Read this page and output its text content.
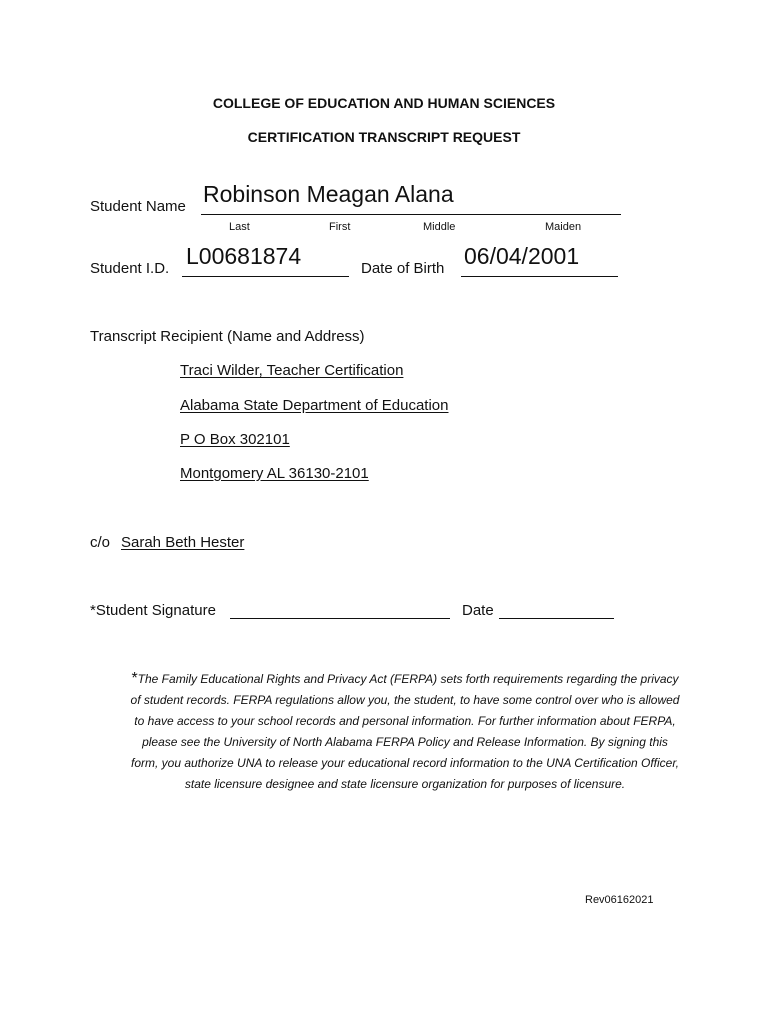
COLLEGE OF EDUCATION AND HUMAN SCIENCES
CERTIFICATION TRANSCRIPT REQUEST
Student Name Robinson Meagan Alana
Last	First	Middle	Maiden
Student I.D. L00681874	Date of Birth 06/04/2001
Transcript Recipient (Name and Address)
Traci Wilder, Teacher Certification
Alabama State Department of Education
P O Box 302101
Montgomery AL 36130-2101
c/o Sarah Beth Hester
*Student Signature	Date
*The Family Educational Rights and Privacy Act (FERPA) sets forth requirements regarding the privacy of student records. FERPA regulations allow you, the student, to have some control over who is allowed to have access to your school records and personal information. For further information about FERPA, please see the University of North Alabama FERPA Policy and Release Information. By signing this form, you authorize UNA to release your educational record information to the UNA Certification Officer, state licensure designee and state licensure organization for purposes of licensure.
Rev06162021
